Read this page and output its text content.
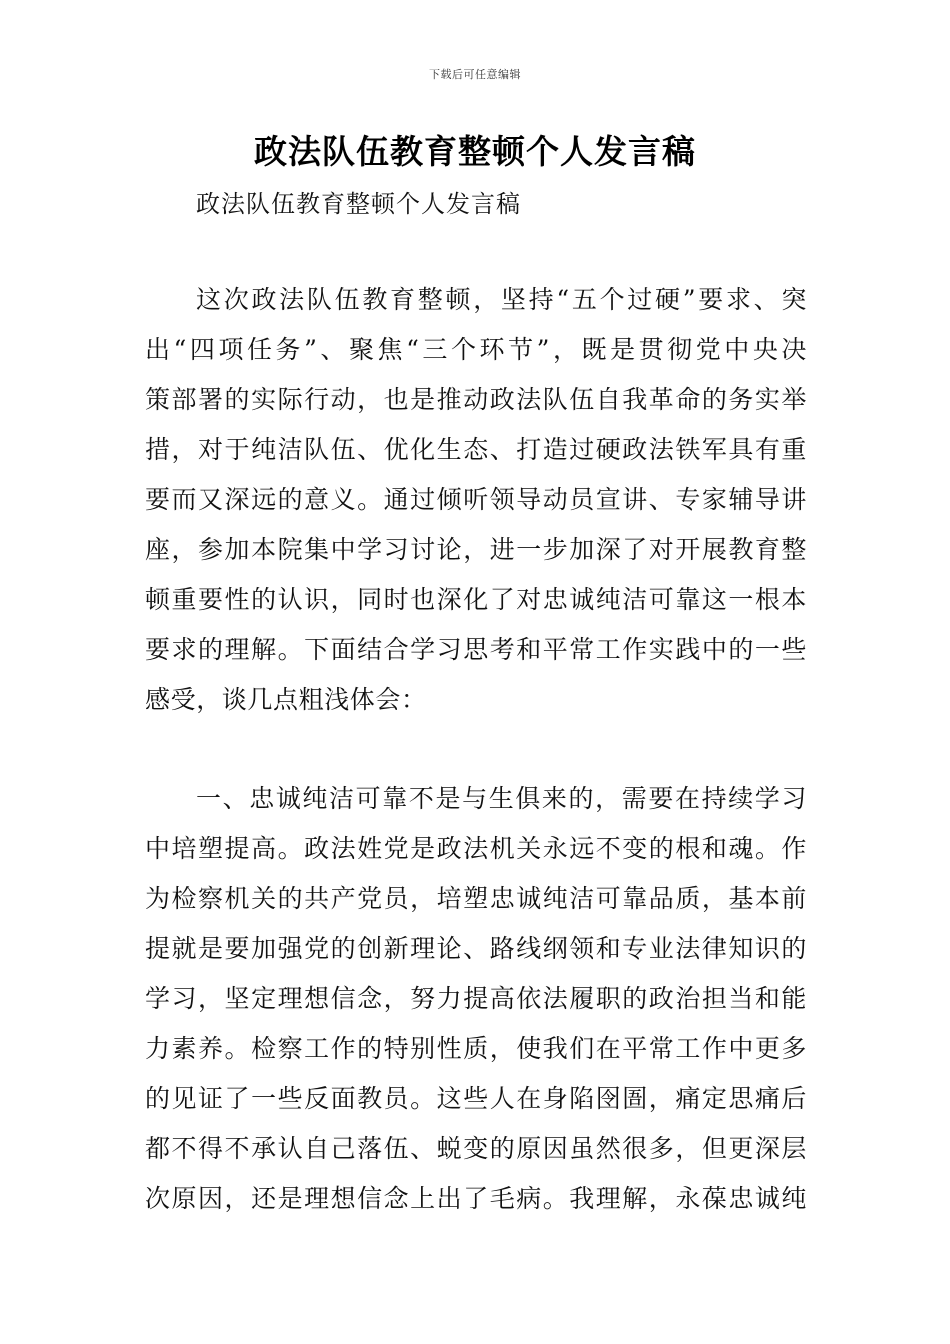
下载后可任意编辑
政法队伍教育整顿个人发言稿
政法队伍教育整顿个人发言稿
这次政法队伍教育整顿，坚持“五个过硬”要求、突
出“四项任务”、聚焦“三个环节”，既是贯彻党中央决
策部署的实际行动，也是推动政法队伍自我革命的务实举
措，对于纯洁队伍、优化生态、打造过硬政法铁军具有重
要而又深远的意义。通过倾听领导动员宣讲、专家辅导讲
座，参加本院集中学习讨论，进一步加深了对开展教育整
顿重要性的认识，同时也深化了对忠诚纯洁可靠这一根本
要求的理解。下面结合学习思考和平常工作实践中的一些
感受，谈几点粗浅体会：
一、忠诚纯洁可靠不是与生俱来的，需要在持续学习
中培塑提高。政法姓党是政法机关永远不变的根和魂。作
为检察机关的共产党员，培塑忠诚纯洁可靠品质，基本前
提就是要加强党的创新理论、路线纲领和专业法律知识的
学习，坚定理想信念，努力提高依法履职的政治担当和能
力素养。检察工作的特别性质，使我们在平常工作中更多
的见证了一些反面教员。这些人在身陷囹圄，痛定思痛后
都不得不承认自己落伍、蜕变的原因虽然很多，但更深层
次原因，还是理想信念上出了毛病。我理解，永葆忠诚纯
